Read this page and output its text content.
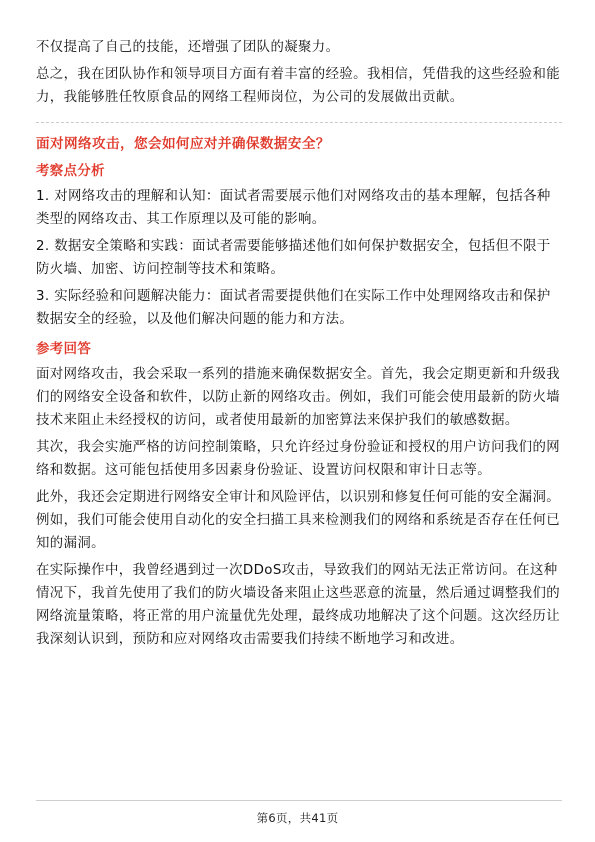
不仅提高了自己的技能，还增强了团队的凝聚力。

总之，我在团队协作和领导项目方面有着丰富的经验。我相信，凭借我的这些经验和能力，我能够胜任牧原食品的网络工程师岗位，为公司的发展做出贡献。

面对网络攻击，您会如何应对并确保数据安全？
考察点分析

1. 对网络攻击的理解和认知：面试者需要展示他们对网络攻击的基本理解，包括各种类型的网络攻击、其工作原理以及可能的影响。

2. 数据安全策略和实践：面试者需要能够描述他们如何保护数据安全，包括但不限于防火墙、加密、访问控制等技术和策略。

3. 实际经验和问题解决能力：面试者需要提供他们在实际工作中处理网络攻击和保护数据安全的经验，以及他们解决问题的能力和方法。

参考回答

面对网络攻击，我会采取一系列的措施来确保数据安全。首先，我会定期更新和升级我们的网络安全设备和软件，以防止新的网络攻击。例如，我们可能会使用最新的防火墙技术来阻止未经授权的访问，或者使用最新的加密算法来保护我们的敏感数据。

其次，我会实施严格的访问控制策略，只允许经过身份验证和授权的用户访问我们的网络和数据。这可能包括使用多因素身份验证、设置访问权限和审计日志等。

此外，我还会定期进行网络安全审计和风险评估，以识别和修复任何可能的安全漏洞。例如，我们可能会使用自动化的安全扫描工具来检测我们的网络和系统是否存在任何已知的漏洞。

在实际操作中，我曾经遇到过一次DDoS攻击，导致我们的网站无法正常访问。在这种情况下，我首先使用了我们的防火墙设备来阻止这些恶意的流量，然后通过调整我们的网络流量策略，将正常的用户流量优先处理，最终成功地解决了这个问题。这次经历让我深刻认识到，预防和应对网络攻击需要我们持续不断地学习和改进。

第6页，共41页
